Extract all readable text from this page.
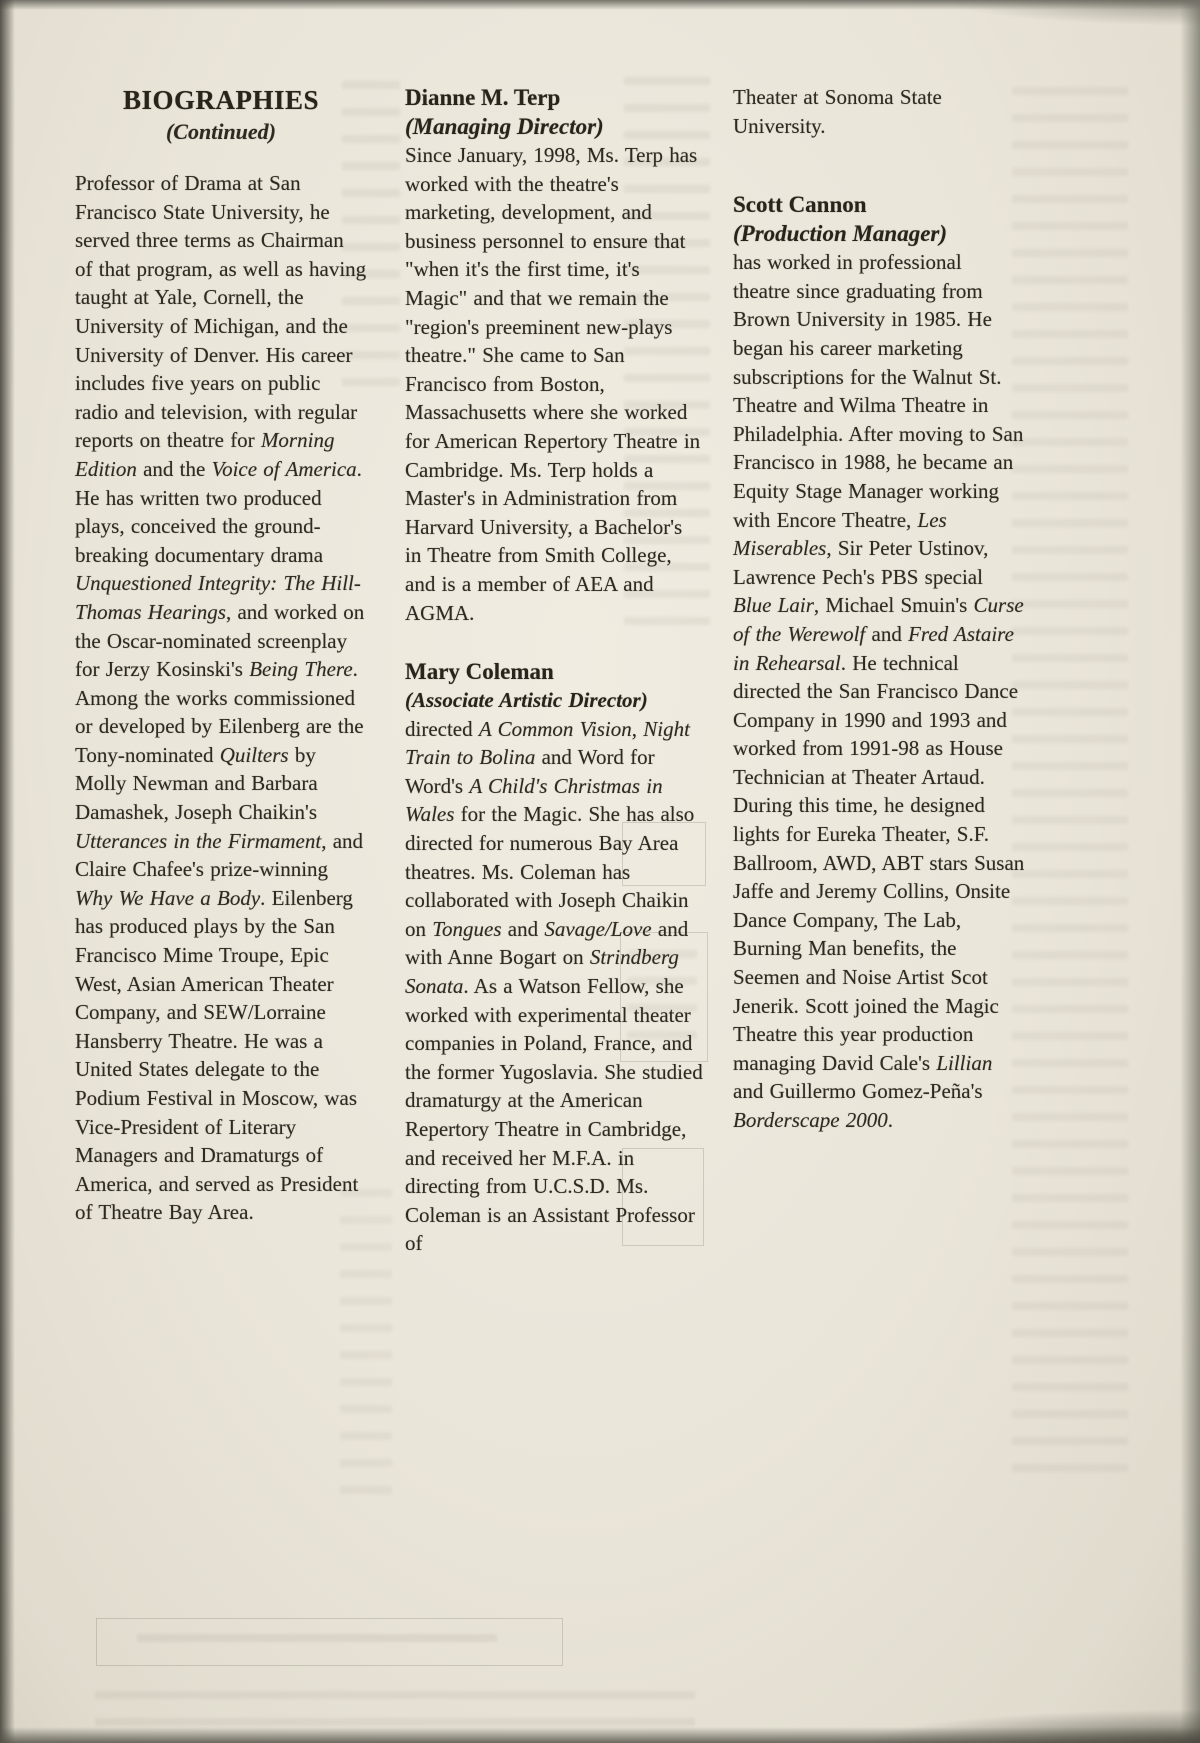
BIOGRAPHIES
(Continued)

Professor of Drama at San Francisco State University, he served three terms as Chairman of that program, as well as having taught at Yale, Cornell, the University of Michigan, and the University of Denver. His career includes five years on public radio and television, with regular reports on theatre for Morning Edition and the Voice of America. He has written two produced plays, conceived the ground-breaking documentary drama Unquestioned Integrity: The Hill-Thomas Hearings, and worked on the Oscar-nominated screenplay for Jerzy Kosinski's Being There. Among the works commissioned or developed by Eilenberg are the Tony-nominated Quilters by Molly Newman and Barbara Damashek, Joseph Chaikin's Utterances in the Firmament, and Claire Chafee's prize-winning Why We Have a Body. Eilenberg has produced plays by the San Francisco Mime Troupe, Epic West, Asian American Theater Company, and SEW/Lorraine Hansberry Theatre. He was a United States delegate to the Podium Festival in Moscow, was Vice-President of Literary Managers and Dramaturgs of America, and served as President of Theatre Bay Area.

Dianne M. Terp
(Managing Director)

Since January, 1998, Ms. Terp has worked with the theatre's marketing, development, and business personnel to ensure that "when it's the first time, it's Magic" and that we remain the "region's preeminent new-plays theatre." She came to San Francisco from Boston, Massachusetts where she worked for American Repertory Theatre in Cambridge. Ms. Terp holds a Master's in Administration from Harvard University, a Bachelor's in Theatre from Smith College, and is a member of AEA and AGMA.

Mary Coleman

(Associate Artistic Director) directed A Common Vision, Night Train to Bolina and Word for Word's A Child's Christmas in Wales for the Magic. She has also directed for numerous Bay Area theatres. Ms. Coleman has collaborated with Joseph Chaikin on Tongues and Savage/Love and with Anne Bogart on Strindberg Sonata. As a Watson Fellow, she worked with experimental theater companies in Poland, France, and the former Yugoslavia. She studied dramaturgy at the American Repertory Theatre in Cambridge, and received her M.F.A. in directing from U.C.S.D. Ms. Coleman is an Assistant Professor of

Theater at Sonoma State University.

Scott Cannon
(Production Manager)

has worked in professional theatre since graduating from Brown University in 1985. He began his career marketing subscriptions for the Walnut St. Theatre and Wilma Theatre in Philadelphia. After moving to San Francisco in 1988, he became an Equity Stage Manager working with Encore Theatre, Les Miserables, Sir Peter Ustinov, Lawrence Pech's PBS special Blue Lair, Michael Smuin's Curse of the Werewolf and Fred Astaire in Rehearsal. He technical directed the San Francisco Dance Company in 1990 and 1993 and worked from 1991-98 as House Technician at Theater Artaud. During this time, he designed lights for Eureka Theater, S.F. Ballroom, AWD, ABT stars Susan Jaffe and Jeremy Collins, Onsite Dance Company, The Lab, Burning Man benefits, the Seemen and Noise Artist Scot Jenerik. Scott joined the Magic Theatre this year production managing David Cale's Lillian and Guillermo Gomez-Peña's Borderscape 2000.
